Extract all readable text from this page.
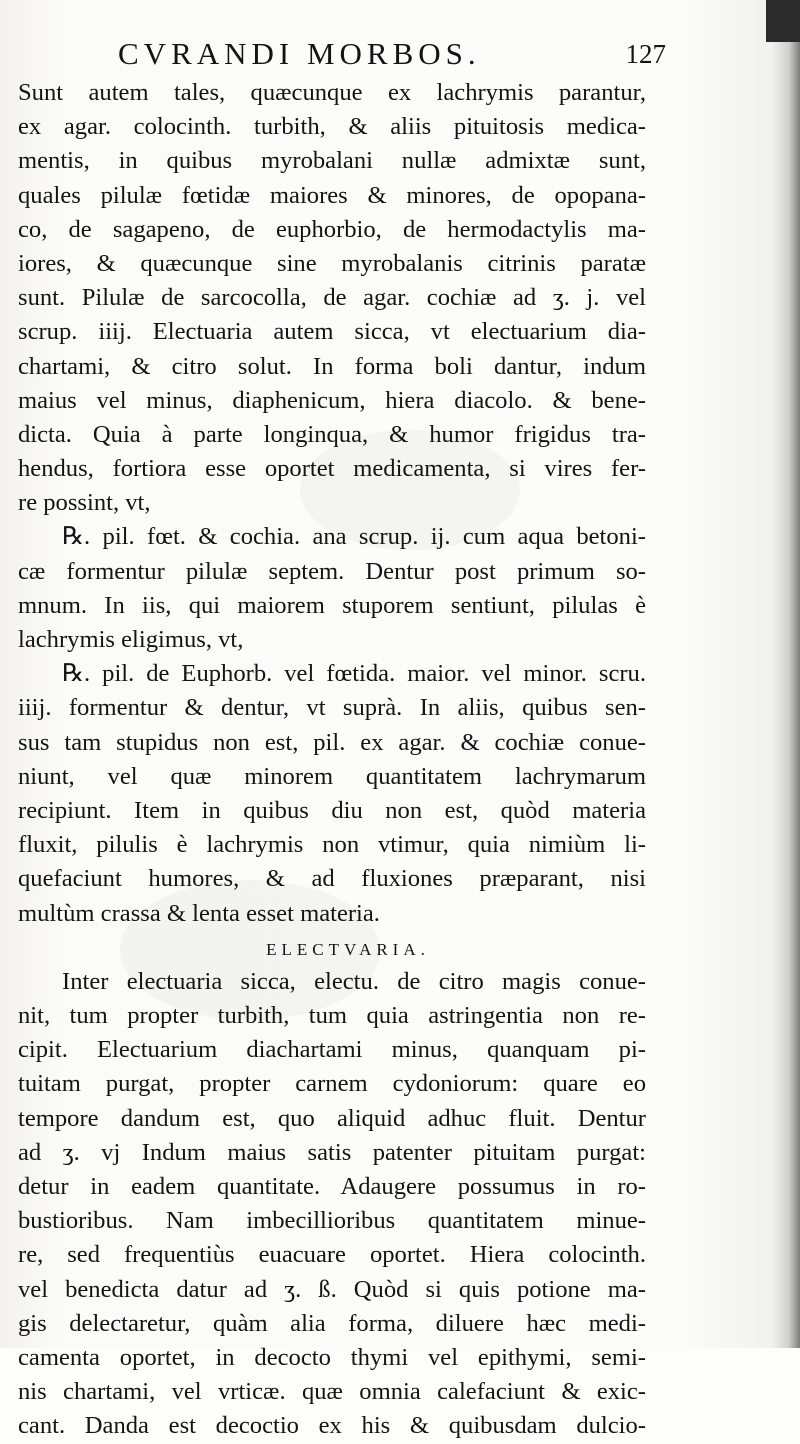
CVRANDI MORBOS.	127
Sunt autem tales, quæcunque ex lachrymis parantur,
ex agar. colocinth. turbith, & aliis pituitosis medica-
mentis, in quibus myrobalani nullæ admixtæ sunt,
quales pilulæ fœtidæ maiores & minores, de opopana-
co, de sagapeno, de euphorbio, de hermodactylis ma-
iores, & quæcunque sine myrobalanis citrinis paratæ
sunt. Pilulæ de sarcocolla, de agar. cochiæ ad ʒ. j. vel
scrup. iiij. Electuaria autem sicca, vt electuarium dia-
chartami, & citro solut. In forma boli dantur, indum
maius vel minus, diaphenicum, hiera diacolo. & bene-
dicta. Quia à parte longinqua, & humor frigidus tra-
hendus, fortiora esse oportet medicamenta, si vires fer-
re possint, vt,
℞. pil. fœt. & cochia. ana scrup. ij. cum aqua betoni-
cæ formentur pilulæ septem. Dentur post primum so-
mnum. In iis, qui maiorem stuporem sentiunt, pilulas è
lachrymis eligimus, vt,
℞. pil. de Euphorb. vel fœtida. maior. vel minor. scru.
iiij. formentur & dentur, vt suprà. In aliis, quibus sen-
sus tam stupidus non est, pil. ex agar. & cochiæ conue-
niunt, vel quæ minorem quantitatem lachrymarum
recipiunt. Item in quibus diu non est, quòd materia
fluxit, pilulis è lachrymis non vtimur, quia nimiùm li-
quefaciunt humores, & ad fluxiones præparant, nisi
multùm crassa & lenta esset materia.
ELECTVARIA.
Inter electuaria sicca, electu. de citro magis conue-
nit, tum propter turbith, tum quia astringentia non re-
cipit. Electuarium diachartami minus, quanquam pi-
tuitam purgat, propter carnem cydoniorum: quare eo
tempore dandum est, quo aliquid adhuc fluit. Dentur
ad ʒ. vj Indum maius satis patenter pituitam purgat:
detur in eadem quantitate. Adaugere possumus in ro-
bustioribus. Nam imbecillioribus quantitatem minue-
re, sed frequentiùs euacuare oportet. Hiera colocinth.
vel benedicta datur ad ʒ. ß. Quòd si quis potione ma-
gis delectaretur, quàm alia forma, diluere hæc medi-
camenta oportet, in decocto thymi vel epithymi, semi-
nis chartami, vel vrticæ. quæ omnia calefaciunt & exic-
cant. Danda est decoctio ex his & quibusdam dulcio-
